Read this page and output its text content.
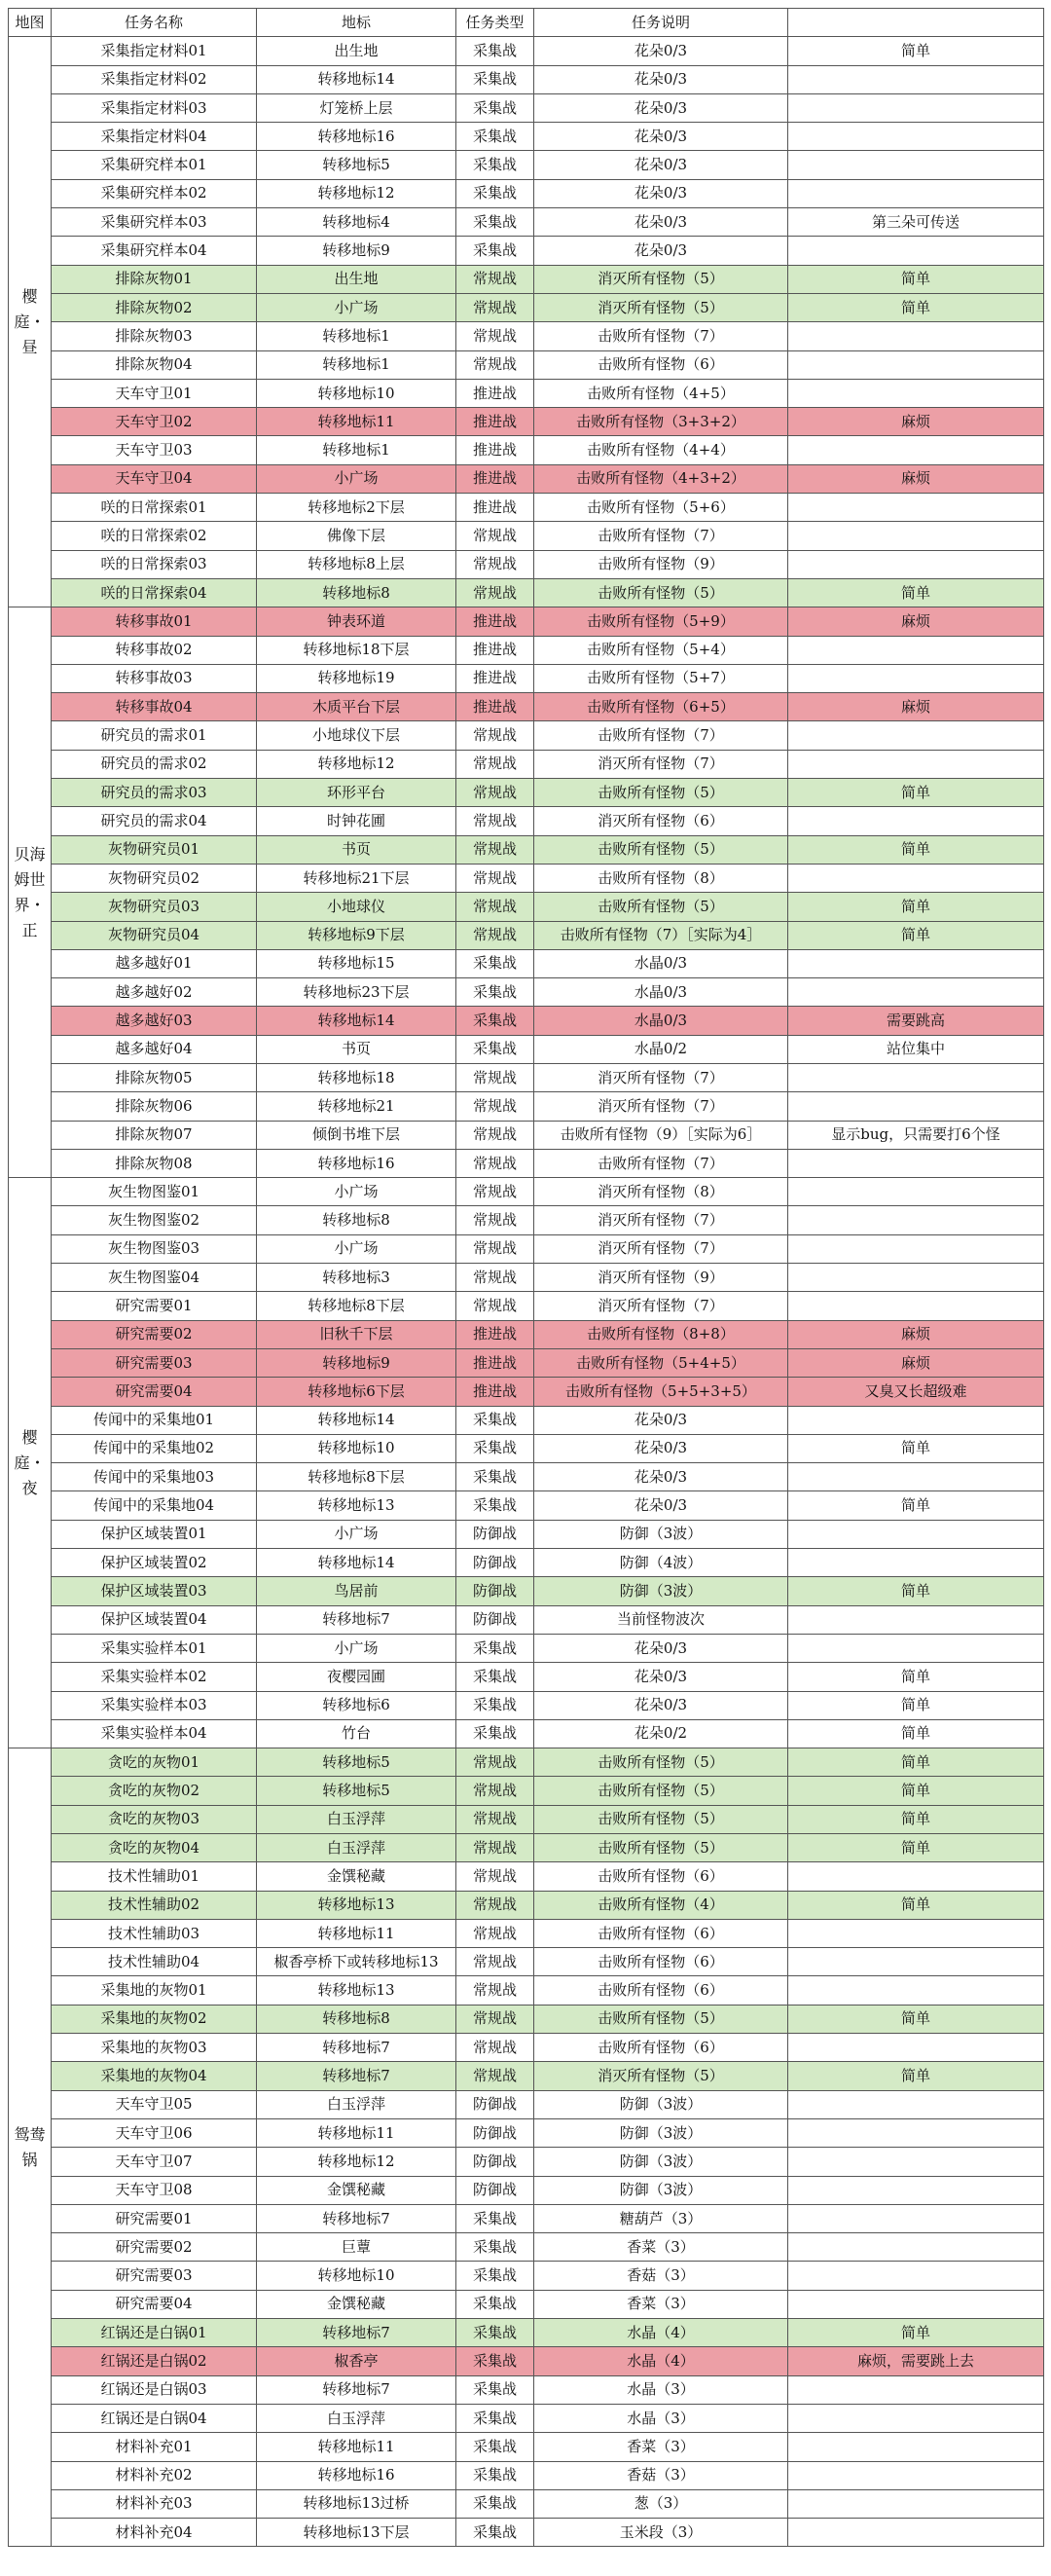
地图	任务名称	地标	任务类型	任务说明	
樱庭・昼	采集指定材料01	出生地	采集战	花朵0/3	简单
	采集指定材料02	转移地标14	采集战	花朵0/3	
	采集指定材料03	灯笼桥上层	采集战	花朵0/3	
	采集指定材料04	转移地标16	采集战	花朵0/3	
	采集研究样本01	转移地标5	采集战	花朵0/3	
	采集研究样本02	转移地标12	采集战	花朵0/3	
	采集研究样本03	转移地标4	采集战	花朵0/3	第三朵可传送
	采集研究样本04	转移地标9	采集战	花朵0/3	
	排除灰物01	出生地	常规战	消灭所有怪物（5）	简单
	排除灰物02	小广场	常规战	消灭所有怪物（5）	简单
	排除灰物03	转移地标1	常规战	击败所有怪物（7）	
	排除灰物04	转移地标1	常规战	击败所有怪物（6）	
	天车守卫01	转移地标10	推进战	击败所有怪物（4+5）	
	天车守卫02	转移地标11	推进战	击败所有怪物（3+3+2）	麻烦
	天车守卫03	转移地标1	推进战	击败所有怪物（4+4）	
	天车守卫04	小广场	推进战	击败所有怪物（4+3+2）	麻烦
	咲的日常探索01	转移地标2下层	推进战	击败所有怪物（5+6）	
	咲的日常探索02	佛像下层	常规战	击败所有怪物（7）	
	咲的日常探索03	转移地标8上层	常规战	击败所有怪物（9）	
	咲的日常探索04	转移地标8	常规战	击败所有怪物（5）	简单
贝海姆世界・正	转移事故01	钟表环道	推进战	击败所有怪物（5+9）	麻烦
	转移事故02	转移地标18下层	推进战	击败所有怪物（5+4）	
	转移事故03	转移地标19	推进战	击败所有怪物（5+7）	
	转移事故04	木质平台下层	推进战	击败所有怪物（6+5）	麻烦
	研究员的需求01	小地球仪下层	常规战	击败所有怪物（7）	
	研究员的需求02	转移地标12	常规战	消灭所有怪物（7）	
	研究员的需求03	环形平台	常规战	击败所有怪物（5）	简单
	研究员的需求04	时钟花圃	常规战	消灭所有怪物（6）	
	灰物研究员01	书页	常规战	击败所有怪物（5）	简单
	灰物研究员02	转移地标21下层	常规战	击败所有怪物（8）	
	灰物研究员03	小地球仪	常规战	击败所有怪物（5）	简单
	灰物研究员04	转移地标9下层	常规战	击败所有怪物（7）［实际为4］	简单
	越多越好01	转移地标15	采集战	水晶0/3	
	越多越好02	转移地标23下层	采集战	水晶0/3	
	越多越好03	转移地标14	采集战	水晶0/3	需要跳高
	越多越好04	书页	采集战	水晶0/2	站位集中
	排除灰物05	转移地标18	常规战	消灭所有怪物（7）	
	排除灰物06	转移地标21	常规战	消灭所有怪物（7）	
	排除灰物07	倾倒书堆下层	常规战	击败所有怪物（9）［实际为6］	显示bug，只需要打6个怪
	排除灰物08	转移地标16	常规战	击败所有怪物（7）	
樱庭・夜	灰生物图鉴01	小广场	常规战	消灭所有怪物（8）	
	灰生物图鉴02	转移地标8	常规战	消灭所有怪物（7）	
	灰生物图鉴03	小广场	常规战	消灭所有怪物（7）	
	灰生物图鉴04	转移地标3	常规战	消灭所有怪物（9）	
	研究需要01	转移地标8下层	常规战	消灭所有怪物（7）	
	研究需要02	旧秋千下层	推进战	击败所有怪物（8+8）	麻烦
	研究需要03	转移地标9	推进战	击败所有怪物（5+4+5）	麻烦
	研究需要04	转移地标6下层	推进战	击败所有怪物（5+5+3+5）	又臭又长超级难
	传闻中的采集地01	转移地标14	采集战	花朵0/3	
	传闻中的采集地02	转移地标10	采集战	花朵0/3	简单
	传闻中的采集地03	转移地标8下层	采集战	花朵0/3	
	传闻中的采集地04	转移地标13	采集战	花朵0/3	简单
	保护区域装置01	小广场	防御战	防御（3波）	
	保护区域装置02	转移地标14	防御战	防御（4波）	
	保护区域装置03	鸟居前	防御战	防御（3波）	简单
	保护区域装置04	转移地标7	防御战	当前怪物波次	
	采集实验样本01	小广场	采集战	花朵0/3	
	采集实验样本02	夜樱园圃	采集战	花朵0/3	简单
	采集实验样本03	转移地标6	采集战	花朵0/3	简单
	采集实验样本04	竹台	采集战	花朵0/2	简单
鸳鸯锅	贪吃的灰物01	转移地标5	常规战	击败所有怪物（5）	简单
	贪吃的灰物02	转移地标5	常规战	击败所有怪物（5）	简单
	贪吃的灰物03	白玉浮萍	常规战	击败所有怪物（5）	简单
	贪吃的灰物04	白玉浮萍	常规战	击败所有怪物（5）	简单
	技术性辅助01	金馔秘藏	常规战	击败所有怪物（6）	
	技术性辅助02	转移地标13	常规战	击败所有怪物（4）	简单
	技术性辅助03	转移地标11	常规战	击败所有怪物（6）	
	技术性辅助04	椒香亭桥下或转移地标13	常规战	击败所有怪物（6）	
	采集地的灰物01	转移地标13	常规战	击败所有怪物（6）	
	采集地的灰物02	转移地标8	常规战	击败所有怪物（5）	简单
	采集地的灰物03	转移地标7	常规战	击败所有怪物（6）	
	采集地的灰物04	转移地标7	常规战	消灭所有怪物（5）	简单
	天车守卫05	白玉浮萍	防御战	防御（3波）	
	天车守卫06	转移地标11	防御战	防御（3波）	
	天车守卫07	转移地标12	防御战	防御（3波）	
	天车守卫08	金馔秘藏	防御战	防御（3波）	
	研究需要01	转移地标7	采集战	糖葫芦（3）	
	研究需要02	巨蕈	采集战	香菜（3）	
	研究需要03	转移地标10	采集战	香菇（3）	
	研究需要04	金馔秘藏	采集战	香菜（3）	
	红锅还是白锅01	转移地标7	采集战	水晶（4）	简单
	红锅还是白锅02	椒香亭	采集战	水晶（4）	麻烦，需要跳上去
	红锅还是白锅03	转移地标7	采集战	水晶（3）	
	红锅还是白锅04	白玉浮萍	采集战	水晶（3）	
	材料补充01	转移地标11	采集战	香菜（3）	
	材料补充02	转移地标16	采集战	香菇（3）	
	材料补充03	转移地标13过桥	采集战	葱（3）	
	材料补充04	转移地标13下层	采集战	玉米段（3）	
